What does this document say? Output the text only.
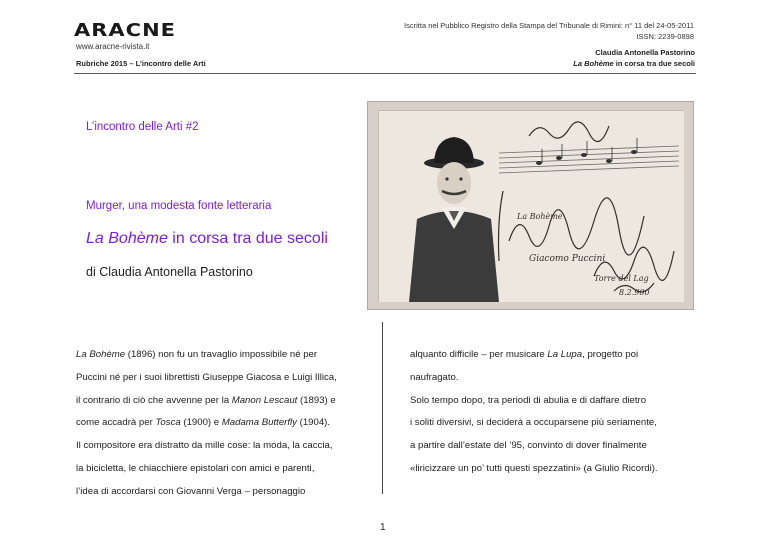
ARACNE
www.aracne-rivista.it
Iscritta nel Pubblico Registro della Stampa del Tribunale di Rimini: n° 11 del 24-05-2011
ISSN: 2239-0898
Claudia Antonella Pastorino
La Bohème in corsa tra due secoli
Rubriche 2015 – L’incontro delle Arti
L’incontro delle Arti #2
Murger, una modesta fonte letteraria
La Bohème in corsa tra due secoli
di Claudia Antonella Pastorino
La Bohème
Giacomo Puccini
Torre del Lag
8.2.900

La Bohème (1896) non fu un travaglio impossibile né per

Puccini né per i suoi librettisti Giuseppe Giacosa e Luigi Illica,

il contrario di ciò che avvenne per la Manon Lescaut (1893) e

come accadrà per Tosca (1900) e Madama Butterfly (1904).

Il compositore era distratto da mille cose: la moda, la caccia,

la bicicletta, le chiacchiere epistolari con amici e parenti,

l’idea di accordarsi con Giovanni Verga – personaggio

alquanto difficile – per musicare La Lupa, progetto poi

naufragato.

Solo tempo dopo, tra periodi di abulia e di daffare dietro

i soliti diversivi, si deciderà a occuparsene più seriamente,

a partire dall’estate del ’95, convinto di dover finalmente

«liricizzare un po’ tutti questi spezzatini» (a Giulio Ricordi).

1
